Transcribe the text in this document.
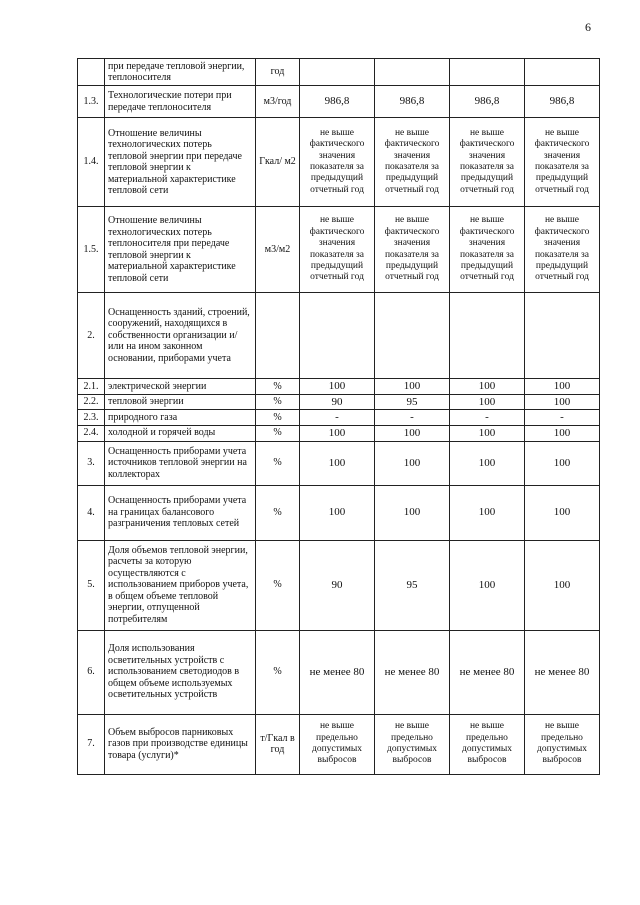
6
	при передаче тепловой энергии, теплоносителя	год				
1.3.	Технологические потери при передаче теплоносителя	м3/год	986,8	986,8	986,8	986,8
1.4.	Отношение величины технологических потерь тепловой энергии при передаче тепловой энергии к материальной характеристике тепловой сети	Гкал/ м2	не выше фактического значения показателя за предыдущий отчетный год	не выше фактического значения показателя за предыдущий отчетный год	не выше фактического значения показателя за предыдущий отчетный год	не выше фактического значения показателя за предыдущий отчетный год
1.5.	Отношение величины технологических потерь теплоносителя при передаче тепловой энергии к материальной характеристике тепловой сети	м3/м2	не выше фактического значения показателя за предыдущий отчетный год	не выше фактического значения показателя за предыдущий отчетный год	не выше фактического значения показателя за предыдущий отчетный год	не выше фактического значения показателя за предыдущий отчетный год
2.	Оснащенность зданий, строений, сооружений, находящихся в собственности организации и/или на ином законном основании, приборами учета					
2.1.	электрической энергии	%	100	100	100	100
2.2.	тепловой энергии	%	90	95	100	100
2.3.	природного газа	%	-	-	-	-
2.4.	холодной и горячей воды	%	100	100	100	100
3.	Оснащенность приборами учета источников тепловой энергии на коллекторах	%	100	100	100	100
4.	Оснащенность приборами учета на границах балансового разграничения тепловых сетей	%	100	100	100	100
5.	Доля объемов тепловой энергии, расчеты за которую осуществляются с использованием приборов учета, в общем объеме тепловой энергии, отпущенной потребителям	%	90	95	100	100
6.	Доля использования осветительных устройств с использованием светодиодов в общем объеме используемых осветительных устройств	%	не менее 80	не менее 80	не менее 80	не менее 80
7.	Объем выбросов парниковых газов при производстве единицы товара (услуги)*	т/Гкал в год	не выше предельно допустимых выбросов	не выше предельно допустимых выбросов	не выше предельно допустимых выбросов	не выше предельно допустимых выбросов
